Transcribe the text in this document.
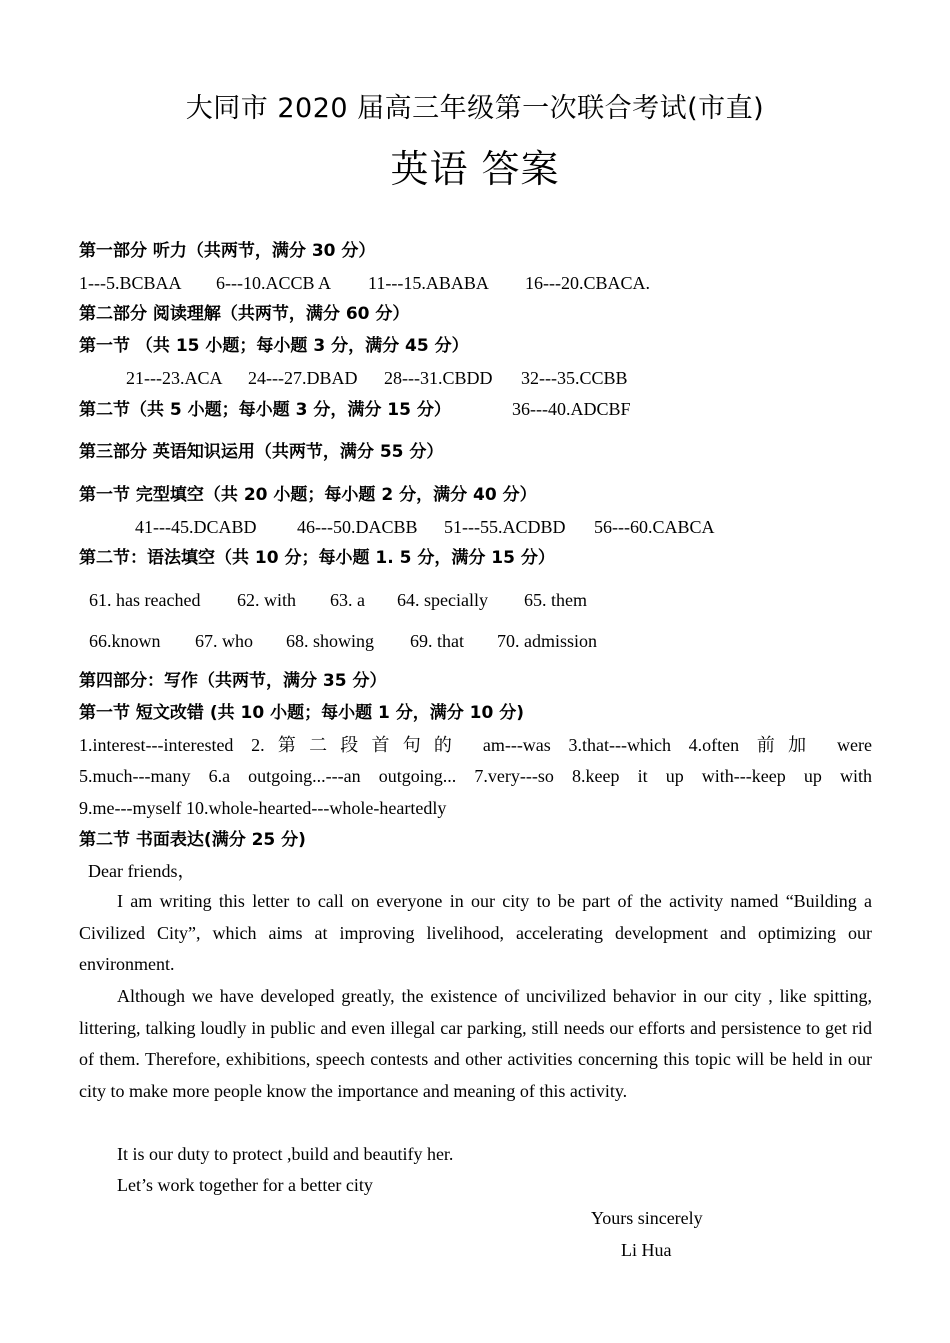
大同市 2020 届高三年级第一次联合考试(市直)
英语 答案
第一部分 听力（共两节，满分 30 分）
1---5.BCBAA 6---10.ACCB A 11---15.ABABA 16---20.CBACA.
第二部分 阅读理解（共两节，满分 60 分）
第一节 （共 15 小题；每小题 3 分，满分 45 分）
21---23.ACA 24---27.DBAD 28---31.CBDD 32---35.CCBB
第二节（共 5 小题；每小题 3 分，满分 15 分）	36---40.ADCBF
第三部分 英语知识运用（共两节，满分 55 分）
第一节 完型填空（共 20 小题；每小题 2 分，满分 40 分）
41---45.DCABD 46---50.DACBB 51---55.ACDBD 56---60.CABCA
第二节：语法填空（共 10 分；每小题 1. 5 分，满分 15 分）
61. has reached 62. with 63. a 64. specially 65. them
66.known 67. who 68. showing 69. that 70. admission
第四部分：写作（共两节，满分 35 分）
第一节 短文改错 (共 10 小题；每小题 1 分，满分 10 分)
1.interest---interested 2.第二段首句的 am---was 3.that---which 4.often 前加 were
5.much---many 6.a outgoing...---an outgoing... 7.very---so 8.keep it up with---keep up with
9.me---myself 10.whole-hearted---whole-heartedly
第二节 书面表达(满分 25 分)
Dear friends，
I am writing this letter to call on everyone in our city to be part of the activity named “Building a Civilized City”, which aims at improving livelihood, accelerating development and optimizing our environment.
Although we have developed greatly, the existence of uncivilized behavior in our city , like spitting, littering, talking loudly in public and even illegal car parking, still needs our efforts and persistence to get rid of them. Therefore, exhibitions, speech contests and other activities concerning this topic will be held in our city to make more people know the importance and meaning of this activity.
It is our duty to protect ,build and beautify her.
Let’s work together for a better city
Yours sincerely
Li Hua
